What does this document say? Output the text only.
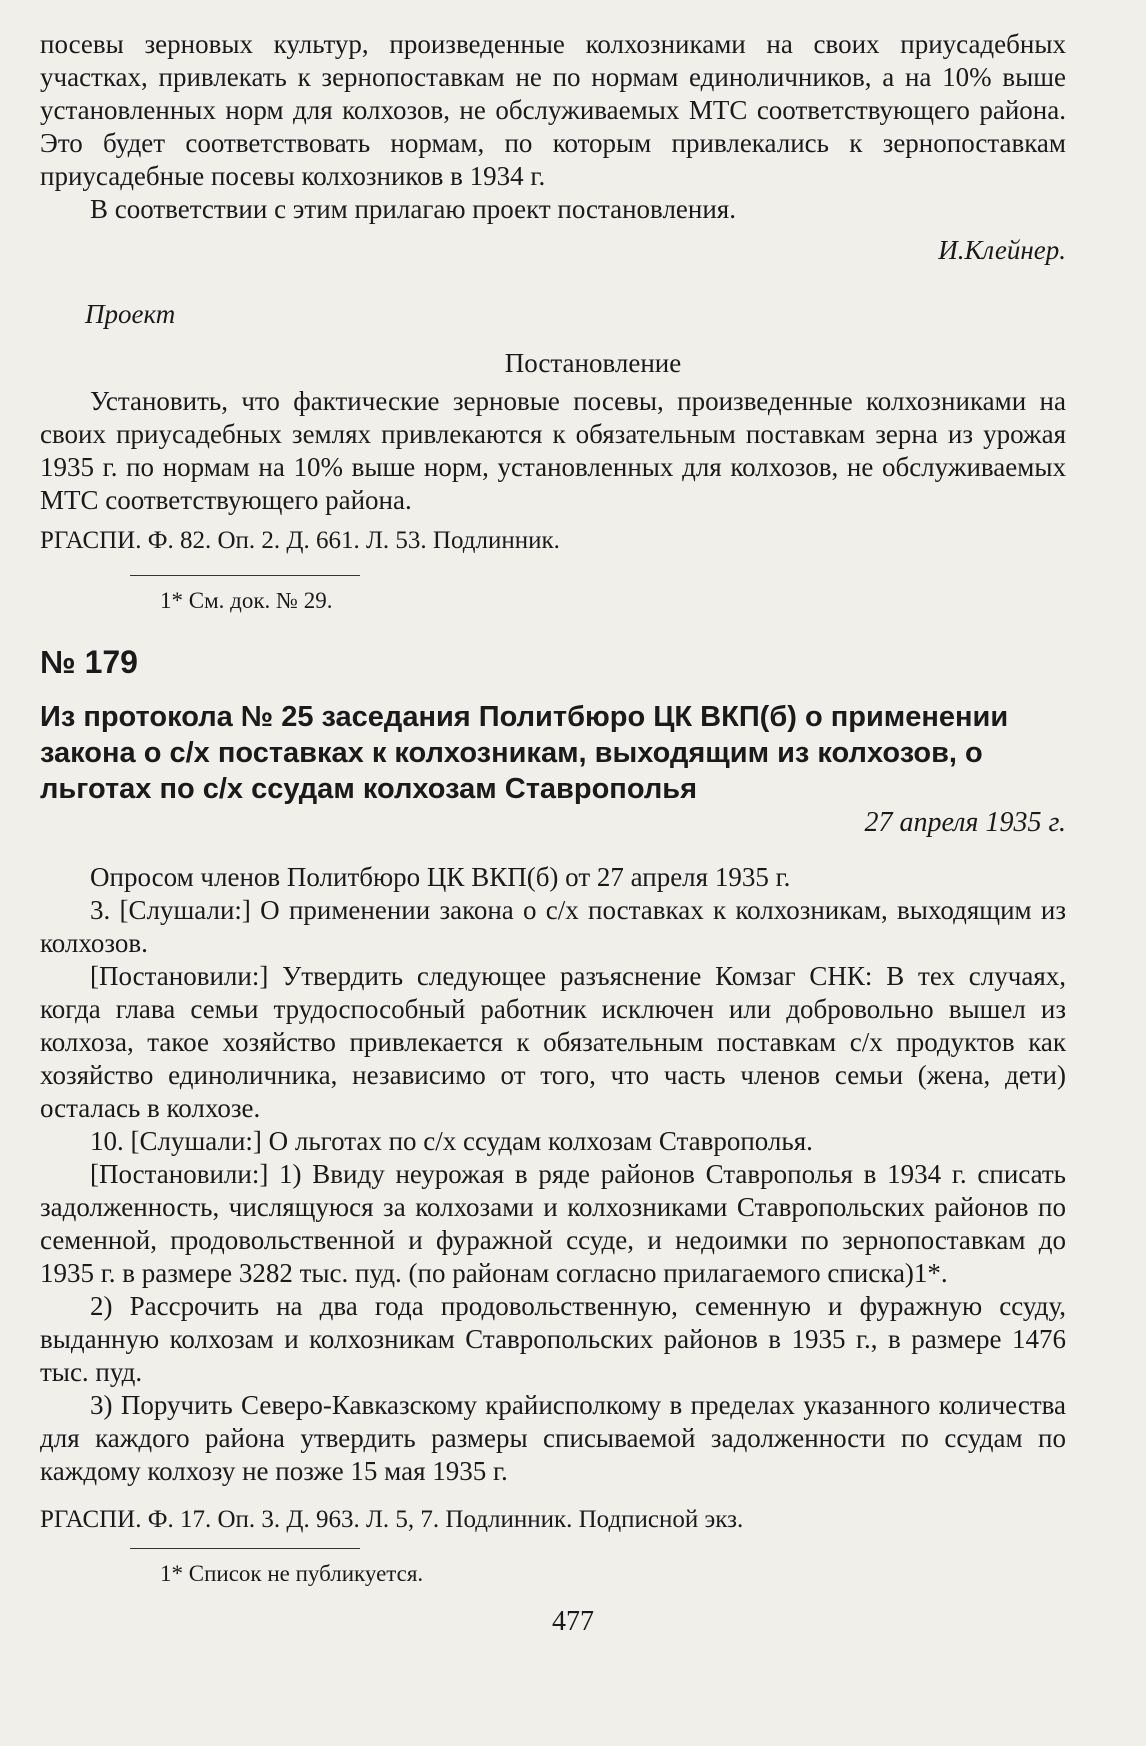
посевы зерновых культур, произведенные колхозниками на своих приусадебных участках, привлекать к зернопоставкам не по нормам единоличников, а на 10% выше установленных норм для колхозов, не обслуживаемых МТС соответствующего района. Это будет соответствовать нормам, по которым привлекались к зернопоставкам приусадебные посевы колхозников в 1934 г.

В соответствии с этим прилагаю проект постановления.

И.Клейнер.

Проект

Постановление

Установить, что фактические зерновые посевы, произведенные колхозниками на своих приусадебных землях привлекаются к обязательным поставкам зерна из урожая 1935 г. по нормам на 10% выше норм, установленных для колхозов, не обслуживаемых МТС соответствующего района.

РГАСПИ. Ф. 82. Оп. 2. Д. 661. Л. 53. Подлинник.

1* См. док. № 29.

№ 179

Из протокола № 25 заседания Политбюро ЦК ВКП(б) о применении закона о с/х поставках к колхозникам, выходящим из колхозов, о льготах по с/х ссудам колхозам Ставрополья

27 апреля 1935 г.

Опросом членов Политбюро ЦК ВКП(б) от 27 апреля 1935 г.

3. [Слушали:] О применении закона о с/х поставках к колхозникам, выходящим из колхозов.

[Постановили:] Утвердить следующее разъяснение Комзаг СНК: В тех случаях, когда глава семьи трудоспособный работник исключен или добровольно вышел из колхоза, такое хозяйство привлекается к обязательным поставкам с/х продуктов как хозяйство единоличника, независимо от того, что часть членов семьи (жена, дети) осталась в колхозе.

10. [Слушали:] О льготах по с/х ссудам колхозам Ставрополья.

[Постановили:] 1) Ввиду неурожая в ряде районов Ставрополья в 1934 г. списать задолженность, числящуюся за колхозами и колхозниками Ставропольских районов по семенной, продовольственной и фуражной ссуде, и недоимки по зернопоставкам до 1935 г. в размере 3282 тыс. пуд. (по районам согласно прилагаемого списка)1*.

2) Рассрочить на два года продовольственную, семенную и фуражную ссуду, выданную колхозам и колхозникам Ставропольских районов в 1935 г., в размере 1476 тыс. пуд.

3) Поручить Северо-Кавказскому крайисполкому в пределах указанного количества для каждого района утвердить размеры списываемой задолженности по ссудам по каждому колхозу не позже 15 мая 1935 г.

РГАСПИ. Ф. 17. Оп. 3. Д. 963. Л. 5, 7. Подлинник. Подписной экз.

1* Список не публикуется.

477
